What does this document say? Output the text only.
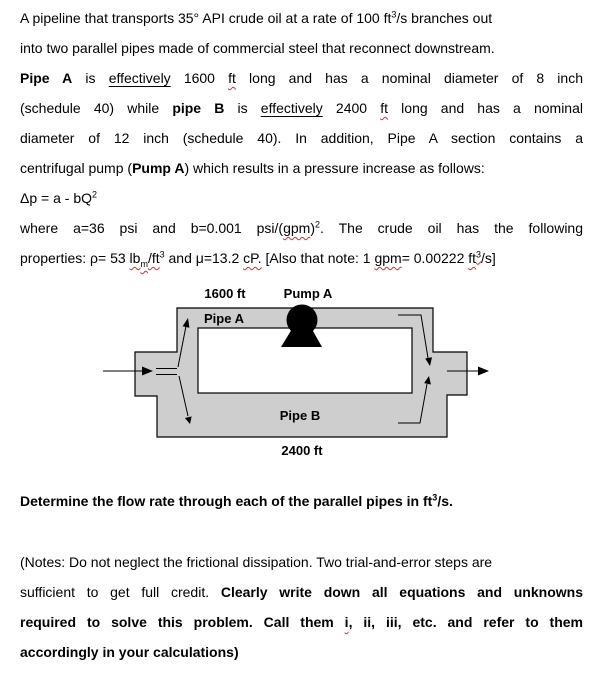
A pipeline that transports 35° API crude oil at a rate of 100 $ft^3/s$ branches out
into two parallel pipes made of commercial steel that reconnect downstream.
Pipe A is effectively 1600 ft long and has a nominal diameter of 8 inch
(schedule 40) while pipe B is effectively 2400 ft long and has a nominal
diameter of 12 inch (schedule 40). In addition, Pipe A section contains a
centrifugal pump (Pump A) which results in a pressure increase as follows:
$\Delta p = a - bQ^2$
where a=36 psi and b=0.001 psi/(gpm)$^2$. The crude oil has the following
properties: ρ= 53 $lb_m/ft^3$ and μ=13.2 cP. [Also that note: 1 gpm= 0.00222 $ft^3/s$]
1600 ft	Pump A
Pipe A
Pipe B
2400 ft
Determine the flow rate through each of the parallel pipes in $ft^3/s$.
(Notes: Do not neglect the frictional dissipation. Two trial-and-error steps are
sufficient to get full credit. Clearly write down all equations and unknowns
required to solve this problem. Call them i, ii, iii, etc. and refer to them
accordingly in your calculations)
